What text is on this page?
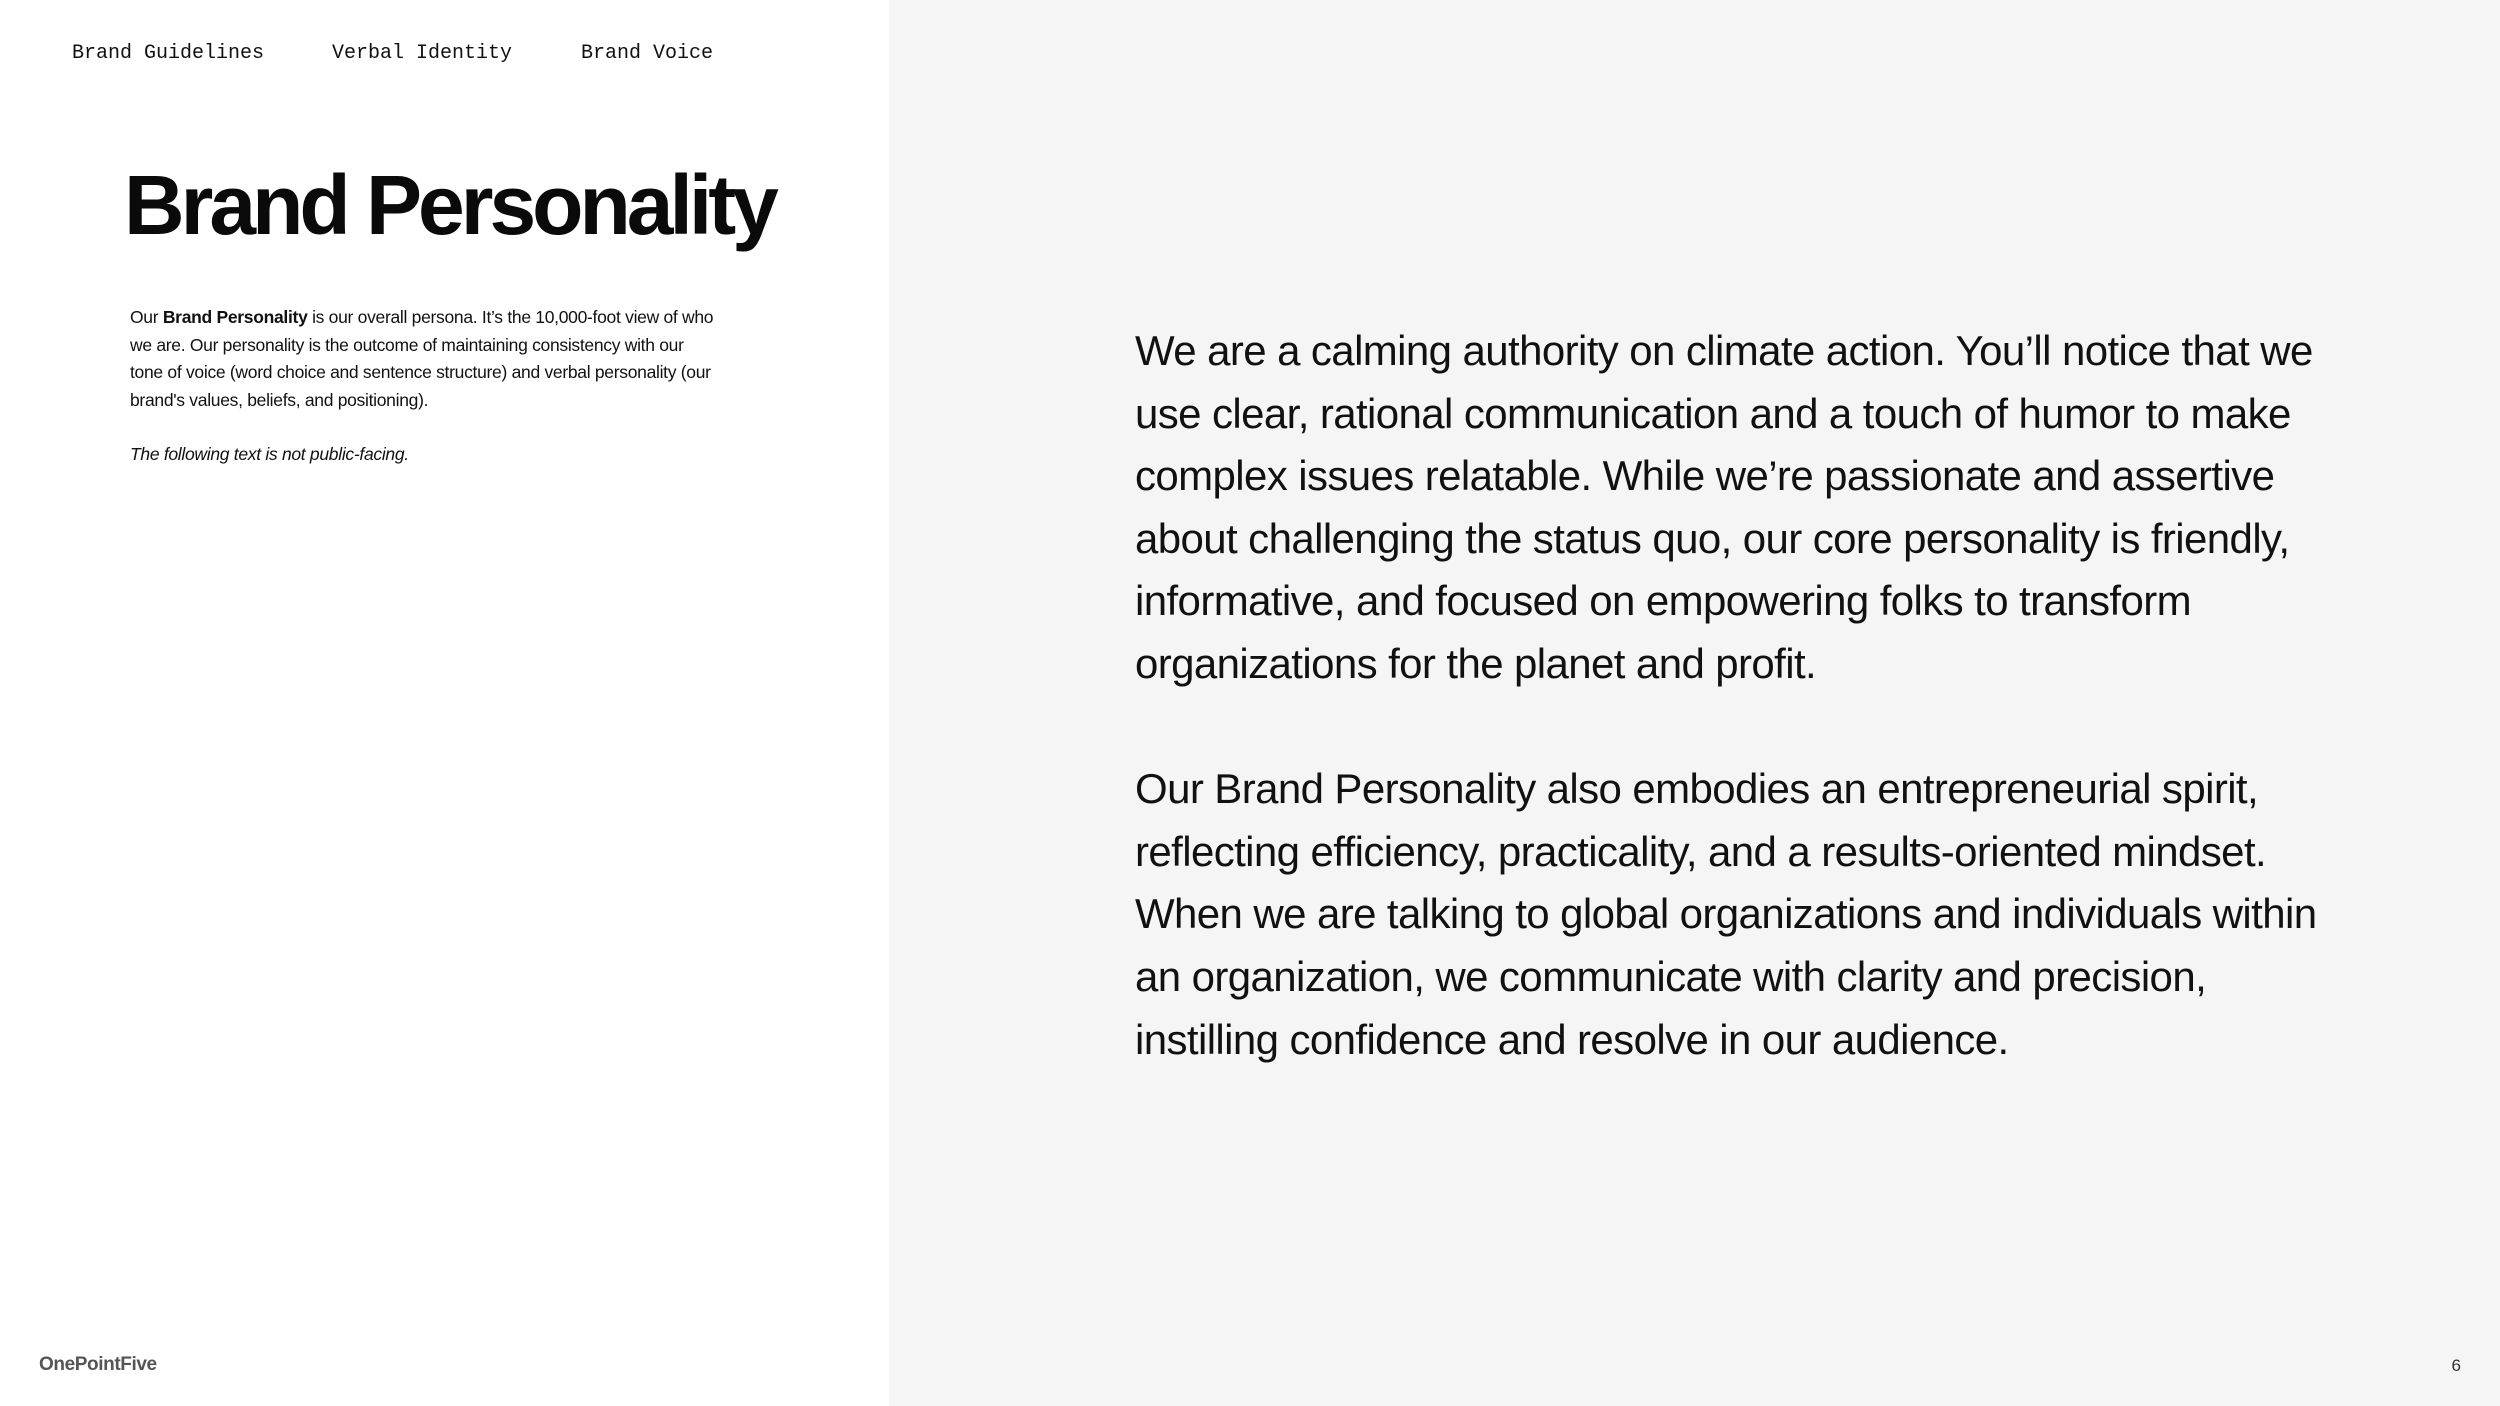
Brand Guidelines	Verbal Identity	Brand Voice
Brand Personality

Our Brand Personality is our overall persona. It’s the 10,000-foot view of who we are. Our personality is the outcome of maintaining consistency with our tone of voice (word choice and sentence structure) and verbal personality (our brand's values, beliefs, and positioning).

The following text is not public-facing.

OnePointFive	6

We are a calming authority on climate action. You’ll notice that we use clear, rational communication and a touch of humor to make complex issues relatable. While we’re passionate and assertive about challenging the status quo, our core personality is friendly, informative, and focused on empowering folks to transform organizations for the planet and profit.

Our Brand Personality also embodies an entrepreneurial spirit, reflecting efficiency, practicality, and a results-oriented mindset. When we are talking to global organizations and individuals within an organization, we communicate with clarity and precision, instilling confidence and resolve in our audience.
